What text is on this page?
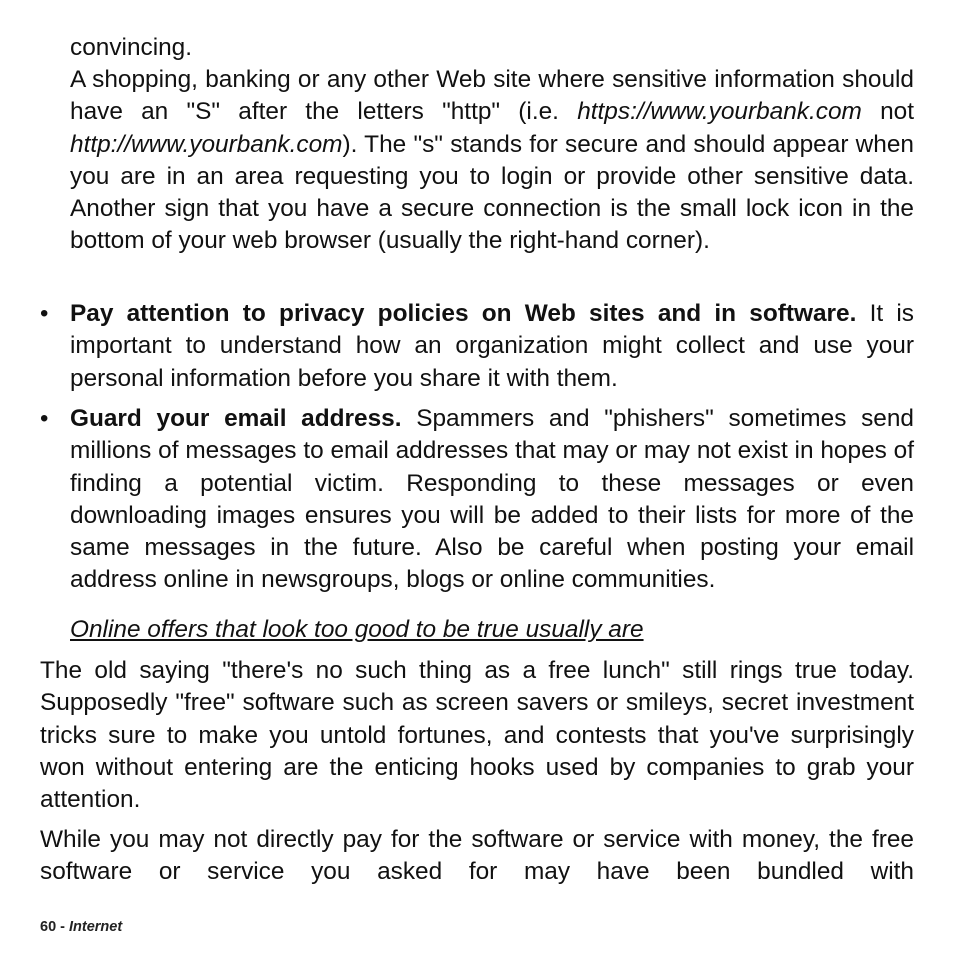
convincing.

A shopping, banking or any other Web site where sensitive information should have an "S" after the letters "http" (i.e. https://www.yourbank.com not http://www.yourbank.com). The "s" stands for secure and should appear when you are in an area requesting you to login or provide other sensitive data. Another sign that you have a secure connection is the small lock icon in the bottom of your web browser (usually the right-hand corner).

• Pay attention to privacy policies on Web sites and in software. It is important to understand how an organization might collect and use your personal information before you share it with them.

• Guard your email address. Spammers and "phishers" sometimes send millions of messages to email addresses that may or may not exist in hopes of finding a potential victim. Responding to these messages or even downloading images ensures you will be added to their lists for more of the same messages in the future. Also be careful when posting your email address online in newsgroups, blogs or online communities.

Online offers that look too good to be true usually are

The old saying "there's no such thing as a free lunch" still rings true today. Supposedly "free" software such as screen savers or smileys, secret investment tricks sure to make you untold fortunes, and contests that you've surprisingly won without entering are the enticing hooks used by companies to grab your attention.

While you may not directly pay for the software or service with money, the free software or service you asked for may have been bundled with

60 - Internet
